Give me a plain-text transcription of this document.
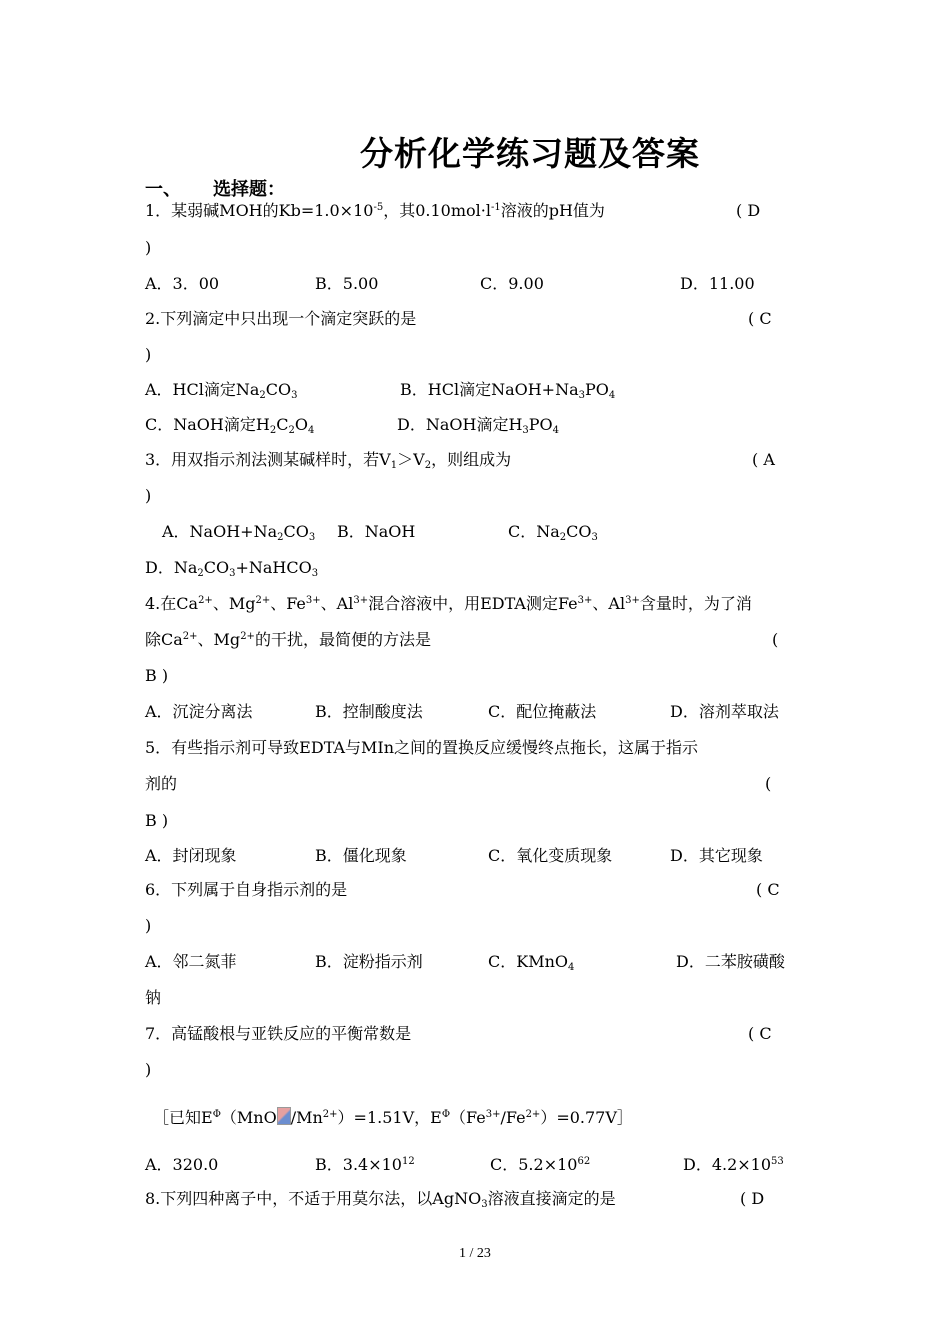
分析化学练习题及答案
一、 选择题：
1．某弱碱MOH的$Kb=1.0\times 10^{-5}$，其$0.10mol\cdot l^{-1}$溶液的pH值为	( D
)
A．3．00	B．5.00	C．9.00	D．11.00
2.下列滴定中只出现一个滴定突跃的是	( C
)
A．HCl滴定$Na_2CO_3$	B．HCl滴定$NaOH+Na_3PO_4$
C．NaOH滴定$H_2C_2O_4$	D．NaOH滴定$H_3PO_4$
3．用双指示剂法测某碱样时，若$V_1>V_2$，则组成为	( A
)
A．$NaOH+Na_2CO_3$ B．NaOH	C．$Na_2CO_3$
D．$Na_2CO_3+NaHCO_3$
4.在$Ca^{2+}$、$Mg^{2+}$、$Fe^{3+}$、$Al^{3+}$混合溶液中，用EDTA测定$Fe^{3+}$、$Al^{3+}$含量时，为了消
除$Ca^{2+}$、$Mg^{2+}$的干扰，最简便的方法是	(
B )
A．沉淀分离法	B．控制酸度法	C．配位掩蔽法	D．溶剂萃取法
5．有些指示剂可导致EDTA与MIn之间的置换反应缓慢终点拖长，这属于指示
剂的	(
B )
A．封闭现象	B．僵化现象	C．氧化变质现象	D．其它现象
6．下列属于自身指示剂的是	( C
)
A．邻二氮菲	B．淀粉指示剂	C．KMnO$_4$	D．二苯胺磺酸
钠
7．高锰酸根与亚铁反应的平衡常数是	( C
)
［已知$E^\Phi(MnO$ $/Mn^{2+})=1.51V$，$E^\Phi(Fe^{3+}/Fe^{2+})=0.77V]$
A．320.0	B．$3.4\times 10^{12}$	C．$5.2\times 10^{62}$	D．$4.2\times 10^{53}$
8.下列四种离子中，不适于用莫尔法，以AgNO$_3$溶液直接滴定的是	( D
1 / 23
